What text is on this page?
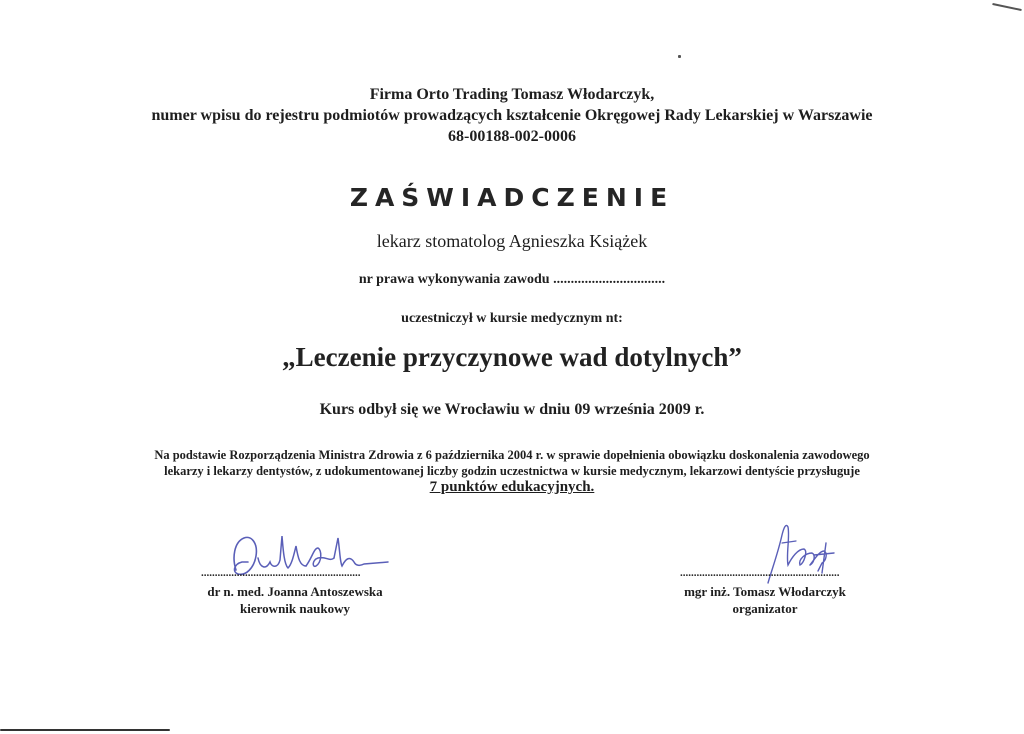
Firma Orto Trading Tomasz Włodarczyk,
numer wpisu do rejestru podmiotów prowadzących kształcenie Okręgowej Rady Lekarskiej w Warszawie
68-00188-002-0006
ZAŚWIADCZENIE
lekarz stomatolog Agnieszka Książek
nr prawa wykonywania zawodu ................................
uczestniczył w kursie medycznym nt:
„Leczenie przyczynowe wad dotylnych”
Kurs odbył się we Wrocławiu w dniu 09 września 2009 r.
Na podstawie Rozporządzenia Ministra Zdrowia z 6 października 2004 r. w sprawie dopełnienia obowiązku doskonalenia zawodowego
lekarzy i lekarzy dentystów, z udokumentowanej liczby godzin uczestnictwa w kursie medycznym, lekarzowi dentyście przysługuje
7 punktów edukacyjnych.
..........................................................
dr n. med. Joanna Antoszewska
kierownik naukowy
..........................................................
mgr inż. Tomasz Włodarczyk
organizator
